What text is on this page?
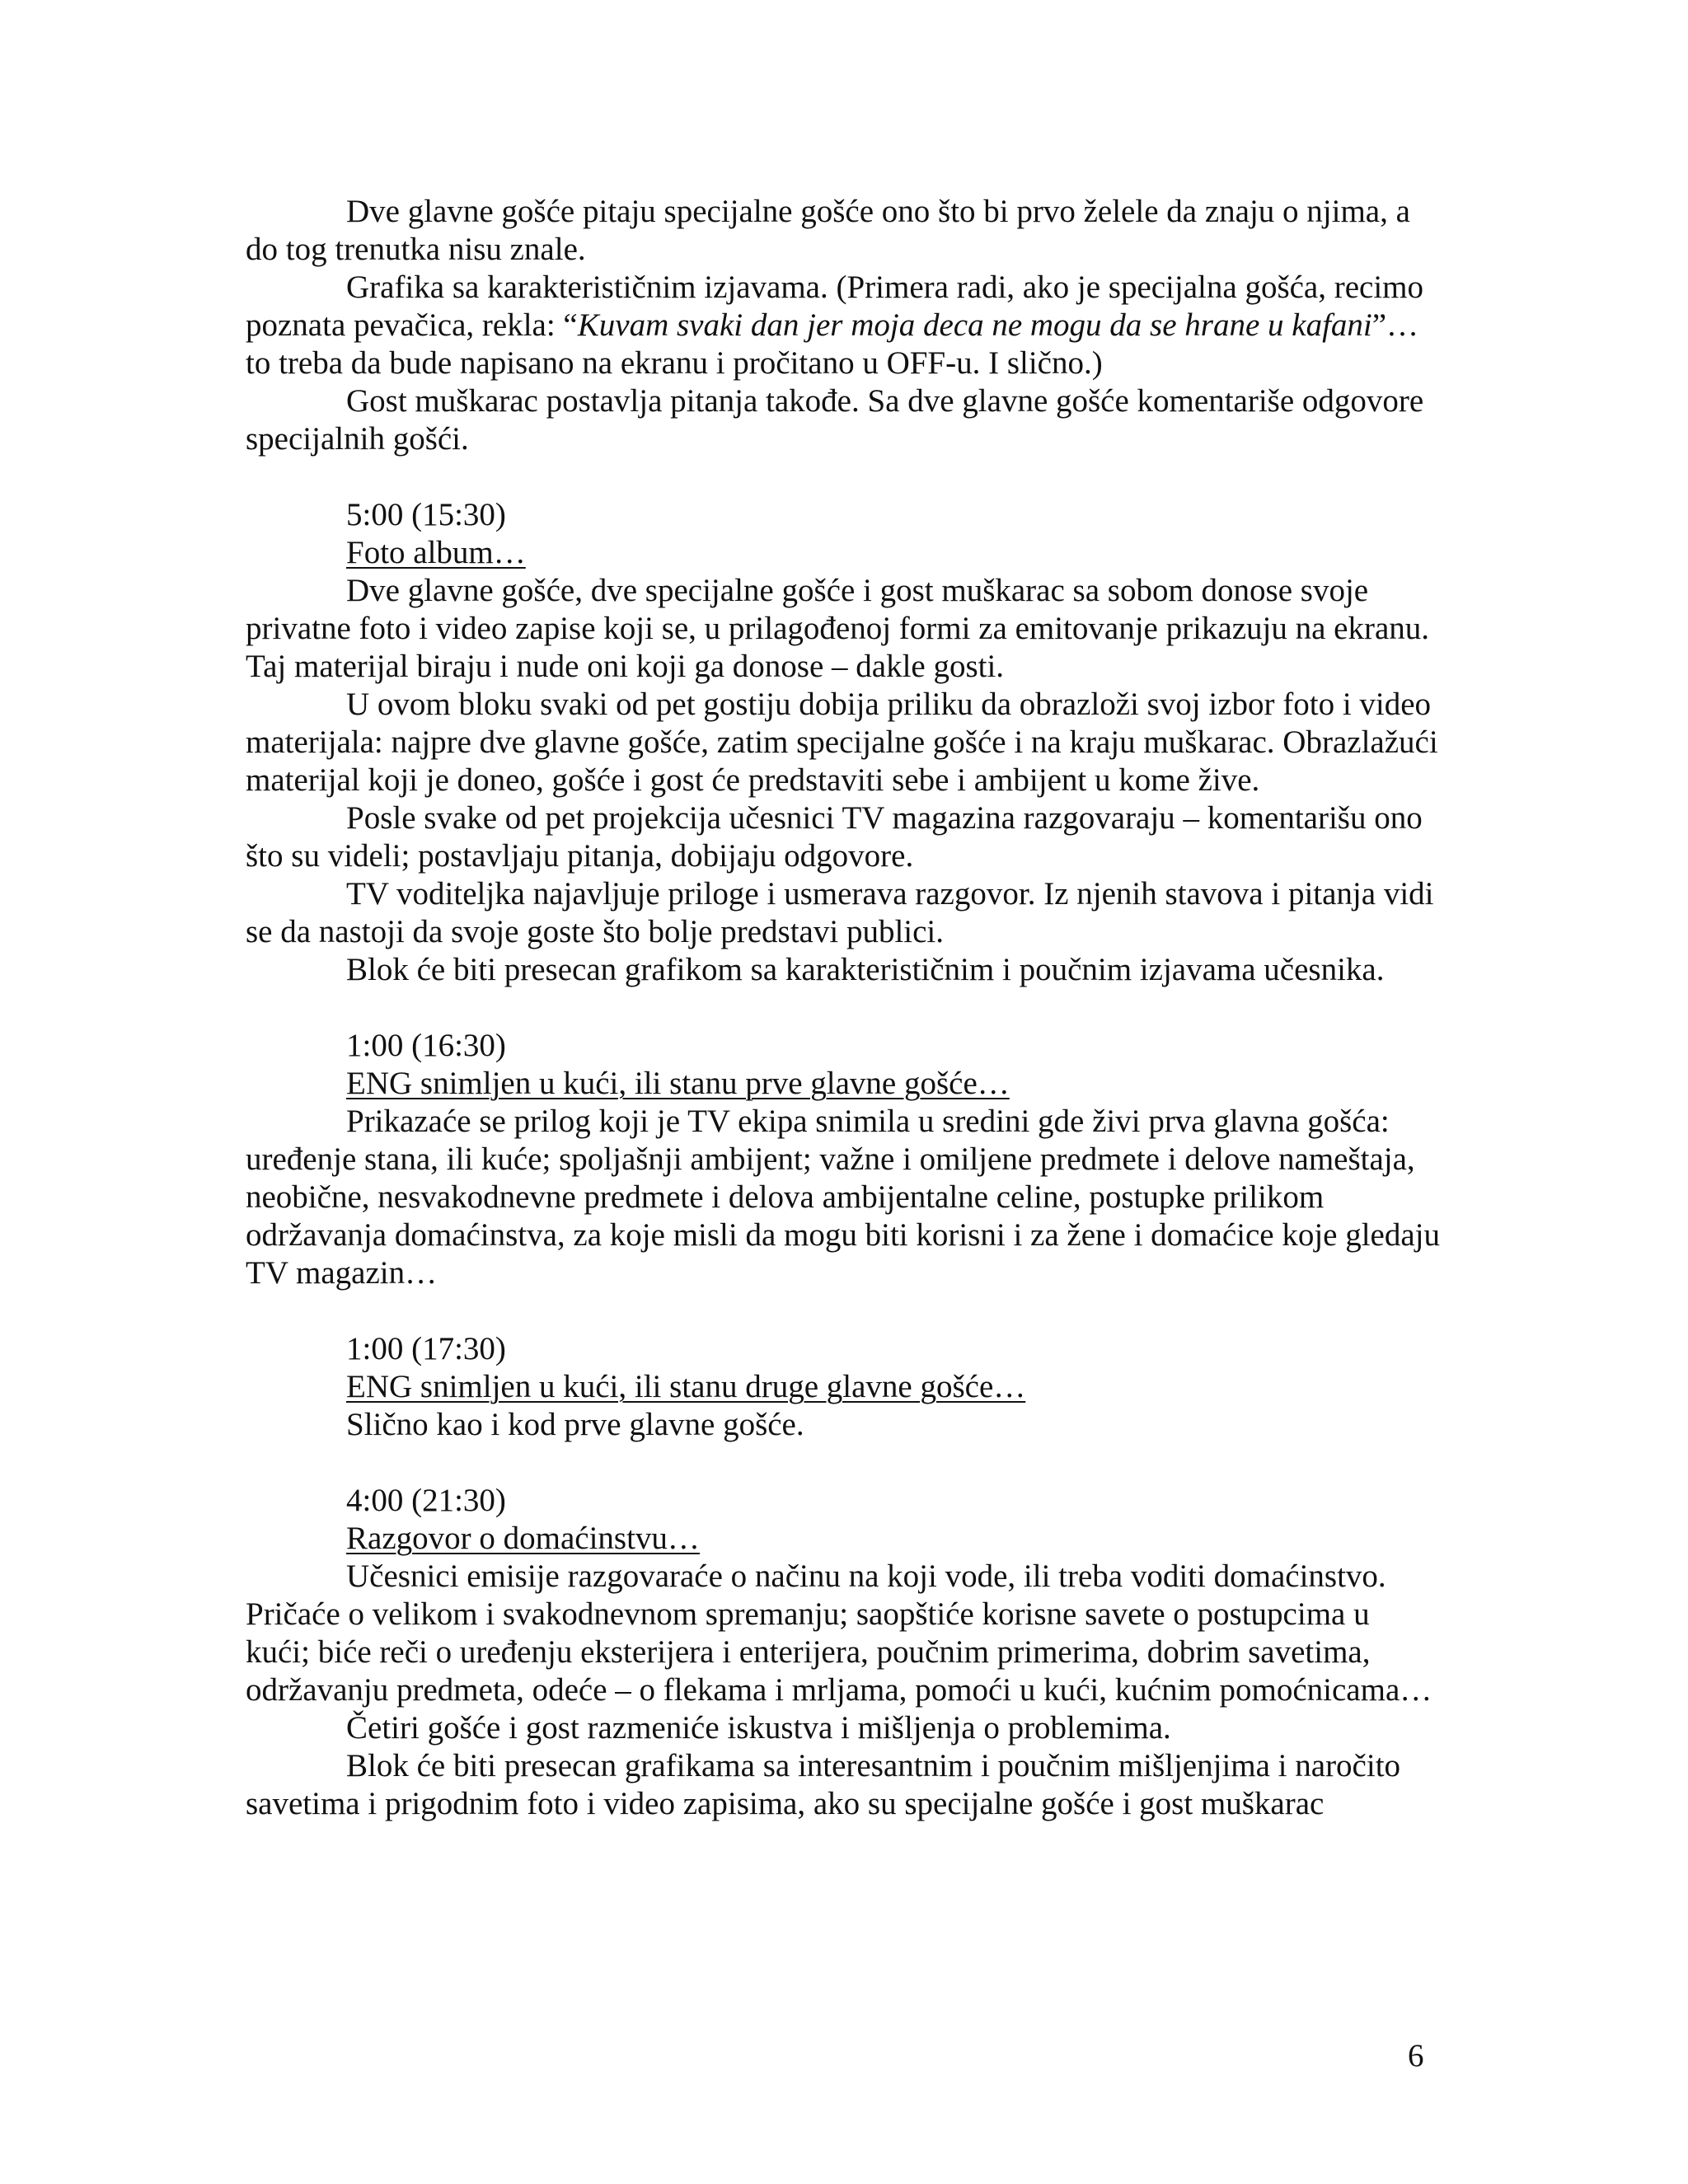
Dve glavne gošće pitaju specijalne gošće ono što bi prvo želele da znaju o njima, a do tog trenutka nisu znale.

Grafika sa karakterističnim izjavama. (Primera radi, ako je specijalna gošća, recimo poznata pevačica, rekla: “Kuvam svaki dan jer moja deca ne mogu da se hrane u kafani”… to treba da bude napisano na ekranu i pročitano u OFF-u. I slično.)

Gost muškarac postavlja pitanja takođe. Sa dve glavne gošće komentariše odgovore specijalnih gošći.

5:00 (15:30)

Foto album…

Dve glavne gošće, dve specijalne gošće i gost muškarac sa sobom donose svoje privatne foto i video zapise koji se, u prilagođenoj formi za emitovanje prikazuju na ekranu. Taj materijal biraju i nude oni koji ga donose – dakle gosti.

U ovom bloku svaki od pet gostiju dobija priliku da obrazloži svoj izbor foto i video materijala: najpre dve glavne gošće, zatim specijalne gošće i na kraju muškarac. Obrazlažući materijal koji je doneo, gošće i gost će predstaviti sebe i ambijent u kome žive.

Posle svake od pet projekcija učesnici TV magazina razgovaraju – komentarišu ono što su videli; postavljaju pitanja, dobijaju odgovore.

TV voditeljka najavljuje priloge i usmerava razgovor. Iz njenih stavova i pitanja vidi se da nastoji da svoje goste što bolje predstavi publici.

Blok će biti presecan grafikom sa karakterističnim i poučnim izjavama učesnika.

1:00 (16:30)

ENG snimljen u kući, ili stanu prve glavne gošće…

Prikazaće se prilog koji je TV ekipa snimila u sredini gde živi prva glavna gošća: uređenje stana, ili kuće; spoljašnji ambijent; važne i omiljene predmete i delove nameštaja, neobične, nesvakodnevne predmete i delova ambijentalne celine, postupke prilikom održavanja domaćinstva, za koje misli da mogu biti korisni i za žene i domaćice koje gledaju TV magazin…

1:00 (17:30)

ENG snimljen u kući, ili stanu druge glavne gošće…

Slično kao i kod prve glavne gošće.

4:00 (21:30)

Razgovor o domaćinstvu…

Učesnici emisije razgovaraće o načinu na koji vode, ili treba voditi domaćinstvo. Pričaće o velikom i svakodnevnom spremanju; saopštiće korisne savete o postupcima u kući; biće reči o uređenju eksterijera i enterijera, poučnim primerima, dobrim savetima, održavanju predmeta, odeće – o flekama i mrljama, pomoći u kući, kućnim pomoćnicama…

Četiri gošće i gost razmeniće iskustva i mišljenja o problemima.

Blok će biti presecan grafikama sa interesantnim i poučnim mišljenjima i naročito savetima i prigodnim foto i video zapisima, ako su specijalne gošće i gost muškarac

6
